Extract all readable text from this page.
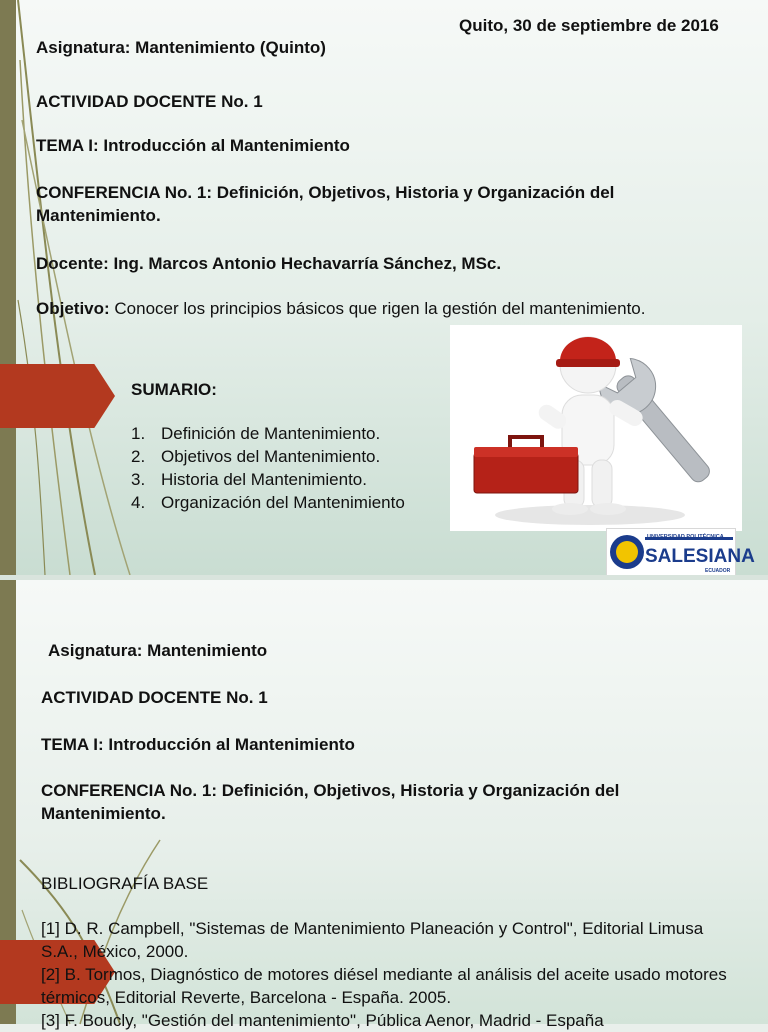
Quito, 30 de septiembre de 2016
Asignatura: Mantenimiento (Quinto)
ACTIVIDAD DOCENTE No. 1
TEMA I: Introducción al Mantenimiento
CONFERENCIA No. 1: Definición, Objetivos, Historia y Organización del Mantenimiento.
Docente: Ing. Marcos Antonio Hechavarría Sánchez, MSc.
Objetivo: Conocer los principios básicos que rigen la gestión del mantenimiento.
SUMARIO:
1. Definición de Mantenimiento.
2. Objetivos del Mantenimiento.
3. Historia del Mantenimiento.
4. Organización del Mantenimiento
UNIVERSIDAD POLITÉCNICA
SALESIANA
ECUADOR
Asignatura: Mantenimiento
ACTIVIDAD DOCENTE No. 1
TEMA I: Introducción al Mantenimiento
CONFERENCIA No. 1: Definición, Objetivos, Historia y Organización del Mantenimiento.
BIBLIOGRAFÍA BASE
[1] D. R. Campbell, "Sistemas de Mantenimiento Planeación y Control", Editorial Limusa S.A., México, 2000.
[2] B. Tormos, Diagnóstico de motores diésel mediante al análisis del aceite usado motores térmicos, Editorial Reverte, Barcelona - España. 2005.
[3] F. Boucly, "Gestión del mantenimiento", Pública Aenor, Madrid - España
